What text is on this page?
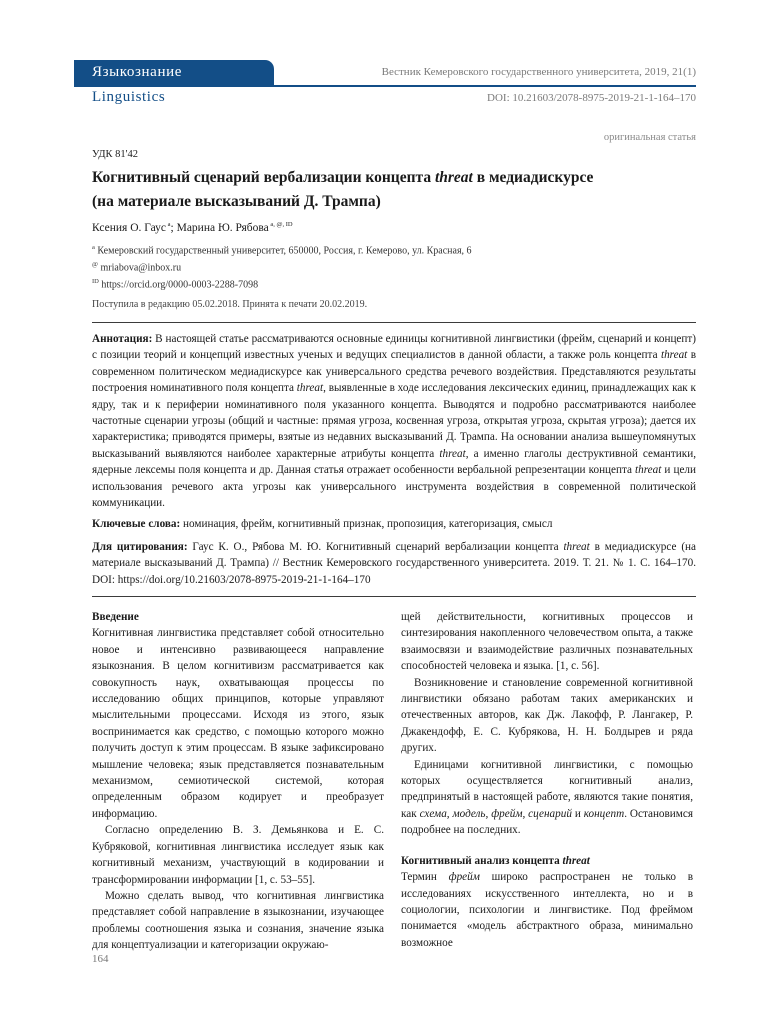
Языкознание	Вестник Кемеровского государственного университета, 2019, 21(1)
Linguistics	DOI: 10.21603/2078-8975-2019-21-1-164–170
оригинальная статья
УДК 81'42
Когнитивный сценарий вербализации концепта threat в медиадискурсе
(на материале высказываний Д. Трампа)
Ксения О. Гаус $^a$; Марина Ю. Рябова $^{a, @, ID}$
$^a$ Кемеровский государственный университет, 650000, Россия, г. Кемерово, ул. Красная, 6
@ mriabova@inbox.ru
$^{ID}$ https://orcid.org/0000-0003-2288-7098
Поступила в редакцию 05.02.2018. Принята к печати 20.02.2019.

Аннотация: В настоящей статье рассматриваются основные единицы когнитивной лингвистики (фрейм, сценарий и концепт) с позиции теорий и концепций известных ученых и ведущих специалистов в данной области, а также роль концепта threat в современном политическом медиадискурсе как универсального средства речевого воздействия. Представляются результаты построения номинативного поля концепта threat, выявленные в ходе исследования лексических единиц, принадлежащих как к ядру, так и к периферии номинативного поля указанного концепта. Выводятся и подробно рассматриваются наиболее частотные сценарии угрозы (общий и частные: прямая угроза, косвенная угроза, открытая угроза, скрытая угроза); дается их характеристика; приводятся примеры, взятые из недавних высказываний Д. Трампа. На основании анализа вышеупомянутых высказываний выявляются наиболее характерные атрибуты концепта threat, а именно глаголы деструктивной семантики, ядерные лексемы поля концепта и др. Данная статья отражает особенности вербальной репрезентации концепта threat и цели использования речевого акта угрозы как универсального инструмента воздействия в современной политической коммуникации.

Ключевые слова: номинация, фрейм, когнитивный признак, пропозиция, категоризация, смысл

Для цитирования: Гаус К. О., Рябова М. Ю. Когнитивный сценарий вербализации концепта threat в медиадискурсе (на материале высказываний Д. Трампа) // Вестник Кемеровского государственного университета. 2019. Т. 21. № 1. С. 164–170. DOI: https://doi.org/10.21603/2078-8975-2019-21-1-164–170

Введение

Когнитивная лингвистика представляет собой относительно новое и интенсивно развивающееся направление языкознания. В целом когнитивизм рассматривается как совокупность наук, охватывающая процессы по исследованию общих принципов, которые управляют мыслительными процессами. Исходя из этого, язык воспринимается как средство, с помощью которого можно получить доступ к этим процессам. В языке зафиксировано мышление человека; язык представляется познавательным механизмом, семиотической системой, которая определенным образом кодирует и преобразует информацию.

Согласно определению В. З. Демьянкова и Е. С. Кубряковой, когнитивная лингвистика исследует язык как когнитивный механизм, участвующий в кодировании и трансформировании информации [1, с. 53–55].

Можно сделать вывод, что когнитивная лингвистика представляет собой направление в языкознании, изучающее проблемы соотношения языка и сознания, значение языка для концептуализации и категоризации окружаю-

щей действительности, когнитивных процессов и синтезирования накопленного человечеством опыта, а также взаимосвязи и взаимодействие различных познавательных способностей человека и языка. [1, с. 56].

Возникновение и становление современной когнитивной лингвистики обязано работам таких американских и отечественных авторов, как Дж. Лакофф, Р. Лангакер, Р. Джакендофф, Е. С. Кубрякова, Н. Н. Болдырев и ряда других.

Единицами когнитивной лингвистики, с помощью которых осуществляется когнитивный анализ, предпринятый в настоящей работе, являются такие понятия, как схема, модель, фрейм, сценарий и концепт. Остановимся подробнее на последних.

Когнитивный анализ концепта threat

Термин фрейм широко распространен не только в исследованиях искусственного интеллекта, но и в социологии, психологии и лингвистике. Под фреймом понимается «модель абстрактного образа, минимально возможное

164
